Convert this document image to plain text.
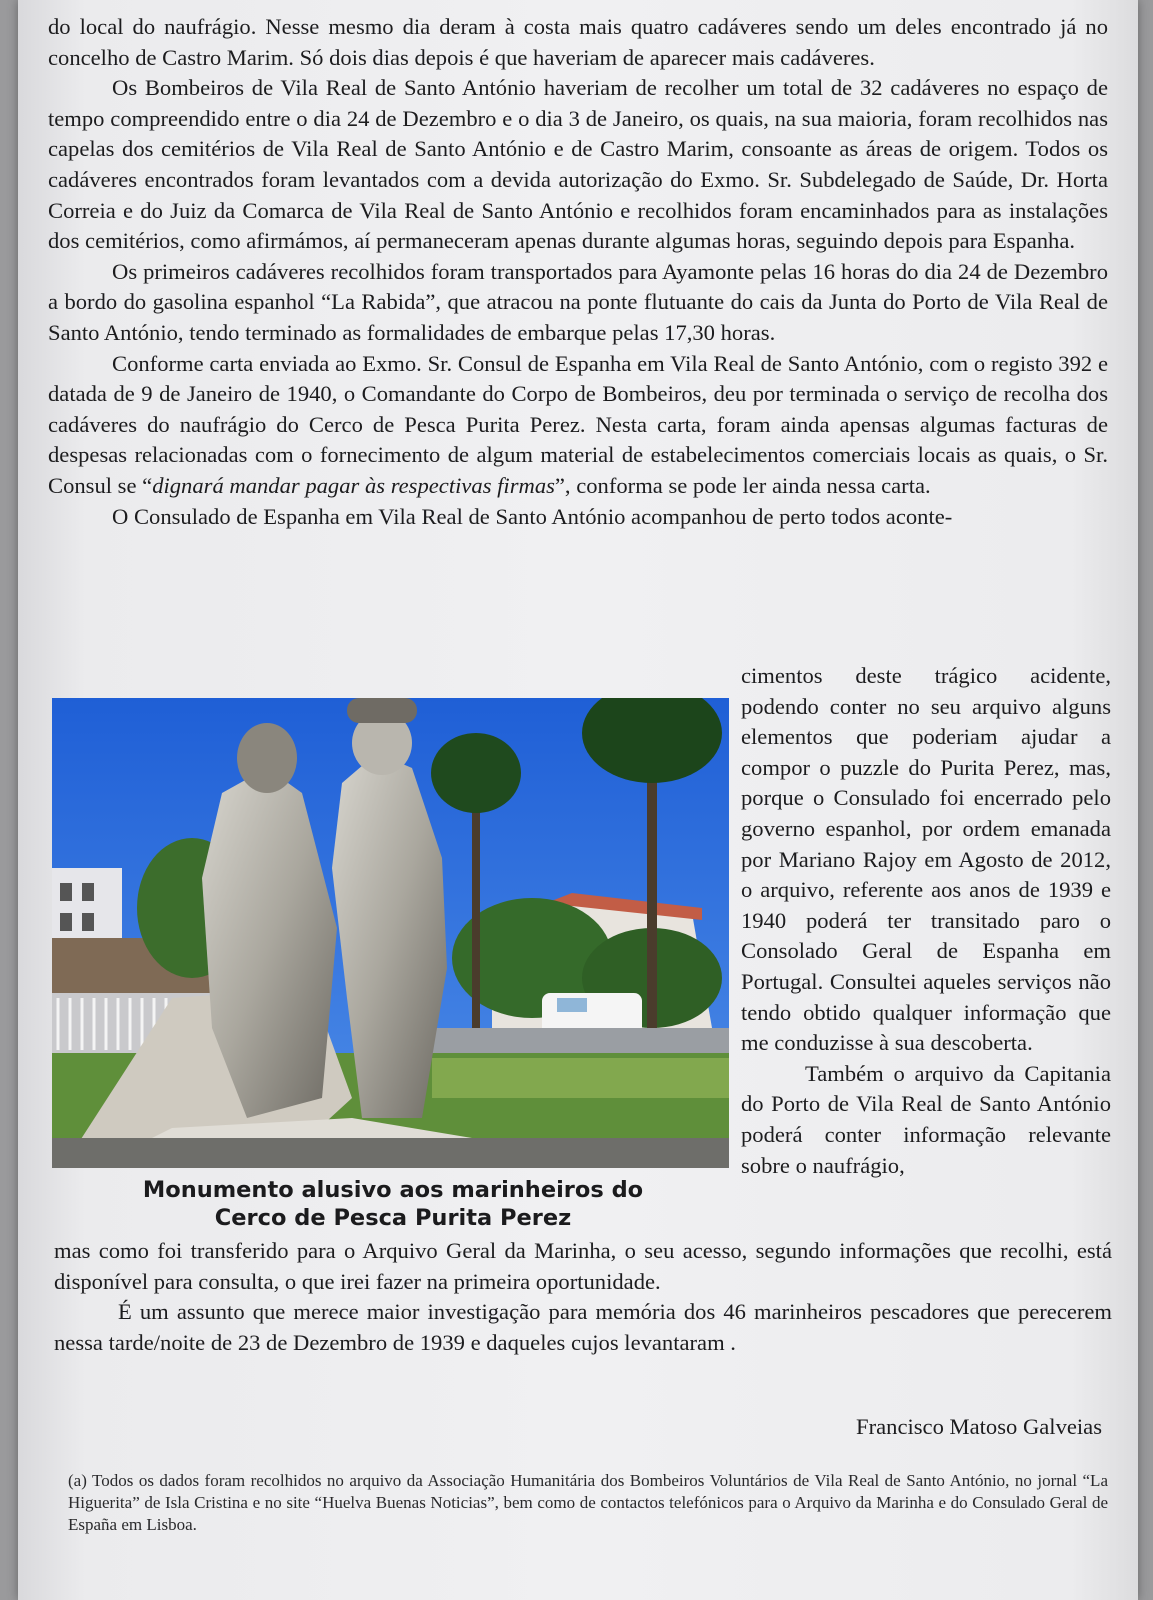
do local do naufrágio. Nesse mesmo dia deram à costa mais quatro cadáveres sendo um deles encontrado já no concelho de Castro Marim. Só dois dias depois é que haveriam de aparecer mais cadáveres.

Os Bombeiros de Vila Real de Santo António haveriam de recolher um total de 32 cadáveres no espaço de tempo compreendido entre o dia 24 de Dezembro e o dia 3 de Janeiro, os quais, na sua maioria, foram recolhidos nas capelas dos cemitérios de Vila Real de Santo António e de Castro Marim, consoante as áreas de origem. Todos os cadáveres encontrados foram levantados com a devida autorização do Exmo. Sr. Subdelegado de Saúde, Dr. Horta Correia e do Juiz da Comarca de Vila Real de Santo António e recolhidos foram encaminhados para as instalações dos cemitérios, como afirmámos, aí permaneceram apenas durante algumas horas, seguindo depois para Espanha.

Os primeiros cadáveres recolhidos foram transportados para Ayamonte pelas 16 horas do dia 24 de Dezembro a bordo do gasolina espanhol “La Rabida”, que atracou na ponte flutuante do cais da Junta do Porto de Vila Real de Santo António, tendo terminado as formalidades de embarque pelas 17,30 horas.

Conforme carta enviada ao Exmo. Sr. Consul de Espanha em Vila Real de Santo António, com o registo 392 e datada de 9 de Janeiro de 1940, o Comandante do Corpo de Bombeiros, deu por terminada o serviço de recolha dos cadáveres do naufrágio do Cerco de Pesca Purita Perez. Nesta carta, foram ainda apensas algumas facturas de despesas relacionadas com o fornecimento de algum material de estabelecimentos comerciais locais as quais, o Sr. Consul se “dignará mandar pagar às respectivas firmas”, conforma se pode ler ainda nessa carta.

O Consulado de Espanha em Vila Real de Santo António acompanhou de perto todos aconte-

Monumento alusivo aos marinheiros do
Cerco de Pesca Purita Perez

cimentos deste trágico acidente, podendo conter no seu arquivo alguns elementos que poderiam ajudar a compor o puzzle do Purita Perez, mas, porque o Consulado foi encerrado pelo governo espanhol, por ordem emanada por Mariano Rajoy em Agosto de 2012, o arquivo, referente aos anos de 1939 e 1940 poderá ter transitado paro o Consolado Geral de Espanha em Portugal. Consultei aqueles serviços não tendo obtido qualquer informação que me conduzisse à sua descoberta.

Também o arquivo da Capitania do Porto de Vila Real de Santo António poderá conter informação relevante sobre o naufrágio,

mas como foi transferido para o Arquivo Geral da Marinha, o seu acesso, segundo informações que recolhi, está disponível para consulta, o que irei fazer na primeira oportunidade.

É um assunto que merece maior investigação para memória dos 46 marinheiros pescadores que perecerem nessa tarde/noite de 23 de Dezembro de 1939 e daqueles cujos levantaram .

Francisco Matoso Galveias

(a) Todos os dados foram recolhidos no arquivo da Associação Humanitária dos Bombeiros Voluntários de Vila Real de Santo António, no jornal “La Higuerita” de Isla Cristina e no site “Huelva Buenas Noticias”, bem como de contactos telefónicos para o Arquivo da Marinha e do Consulado Geral de España em Lisboa.
